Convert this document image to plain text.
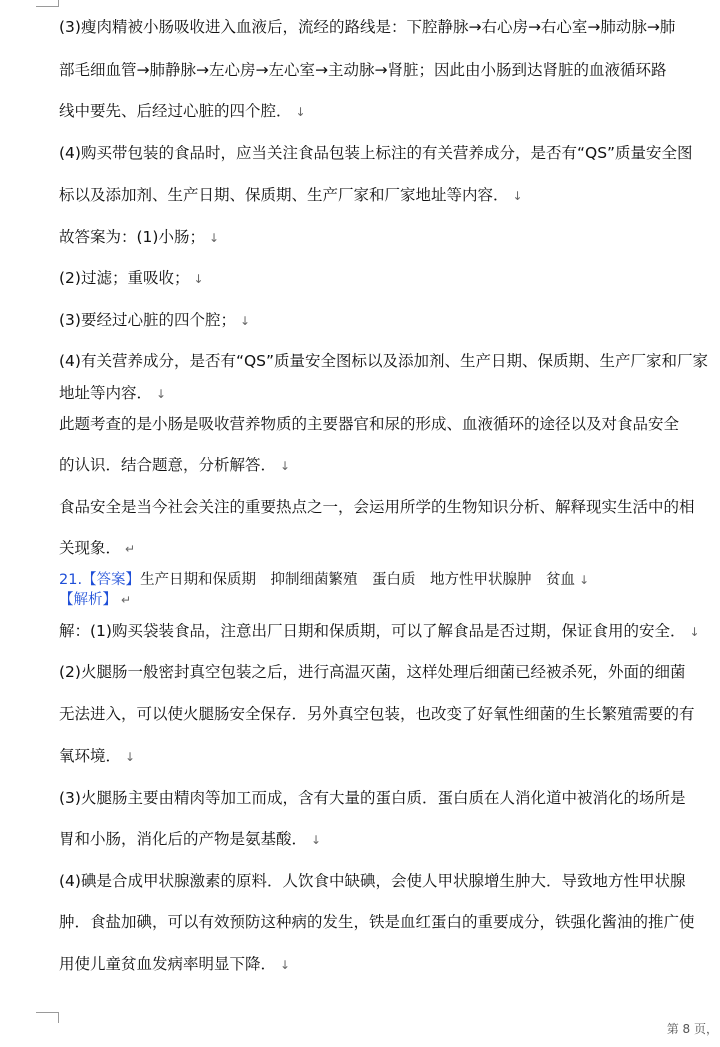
(3)瘦肉精被小肠吸收进入血液后，流经的路线是：下腔静脉→右心房→右心室→肺动脉→肺
部毛细血管→肺静脉→左心房→左心室→主动脉→肾脏；因此由小肠到达肾脏的血液循环路
线中要先、后经过心脏的四个腔． ↓
(4)购买带包装的食品时，应当关注食品包装上标注的有关营养成分，是否有“QS”质量安全图
标以及添加剂、生产日期、保质期、生产厂家和厂家地址等内容． ↓
故答案为：(1)小肠； ↓
(2)过滤；重吸收； ↓
(3)要经过心脏的四个腔； ↓
(4)有关营养成分，是否有“QS”质量安全图标以及添加剂、生产日期、保质期、生产厂家和厂家
地址等内容． ↓
此题考查的是小肠是吸收营养物质的主要器官和尿的形成、血液循环的途径以及对食品安全
的认识．结合题意，分析解答． ↓
食品安全是当今社会关注的重要热点之一，会运用所学的生物知识分析、解释现实生活中的相
关现象． ↵
21.【答案】生产日期和保质期　抑制细菌繁殖　蛋白质　地方性甲状腺肿　贫血 ↓
【解析】 ↵
解：(1)购买袋装食品，注意出厂日期和保质期，可以了解食品是否过期，保证食用的安全． ↓
(2)火腿肠一般密封真空包装之后，进行高温灭菌，这样处理后细菌已经被杀死，外面的细菌
无法进入，可以使火腿肠安全保存．另外真空包装，也改变了好氧性细菌的生长繁殖需要的有
氧环境． ↓
(3)火腿肠主要由精肉等加工而成，含有大量的蛋白质．蛋白质在人消化道中被消化的场所是
胃和小肠，消化后的产物是氨基酸． ↓
(4)碘是合成甲状腺激素的原料．人饮食中缺碘，会使人甲状腺增生肿大．导致地方性甲状腺
肿．食盐加碘，可以有效预防这种病的发生，铁是血红蛋白的重要成分，铁强化酱油的推广使
用使儿童贫血发病率明显下降． ↓
第 8 页，
